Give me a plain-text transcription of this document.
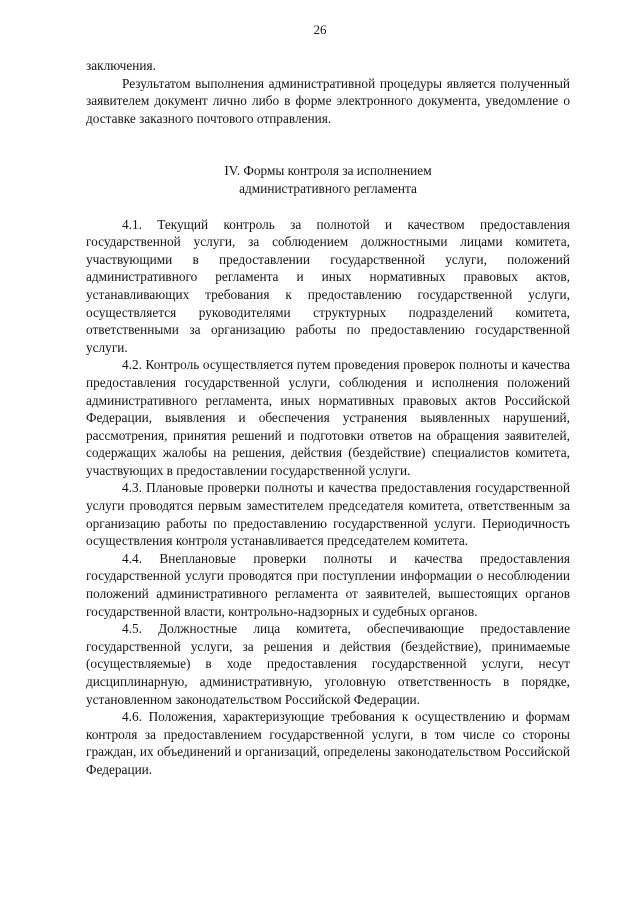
26

заключения.

Результатом выполнения административной процедуры является полученный заявителем документ лично либо в форме электронного документа, уведомление о доставке заказного почтового отправления.

IV. Формы контроля за исполнением
административного регламента

4.1. Текущий контроль за полнотой и качеством предоставления государственной услуги, за соблюдением должностными лицами комитета, участвующими в предоставлении государственной услуги, положений административного регламента и иных нормативных правовых актов, устанавливающих требования к предоставлению государственной услуги, осуществляется руководителями структурных подразделений комитета, ответственными за организацию работы по предоставлению государственной услуги.

4.2. Контроль осуществляется путем проведения проверок полноты и качества предоставления государственной услуги, соблюдения и исполнения положений административного регламента, иных нормативных правовых актов Российской Федерации, выявления и обеспечения устранения выявленных нарушений, рассмотрения, принятия решений и подготовки ответов на обращения заявителей, содержащих жалобы на решения, действия (бездействие) специалистов комитета, участвующих в предоставлении государственной услуги.

4.3. Плановые проверки полноты и качества предоставления государственной услуги проводятся первым заместителем председателя комитета, ответственным за организацию работы по предоставлению государственной услуги. Периодичность осуществления контроля устанавливается председателем комитета.

4.4. Внеплановые проверки полноты и качества предоставления государственной услуги проводятся при поступлении информации о несоблюдении положений административного регламента от заявителей, вышестоящих органов государственной власти, контрольно-надзорных и судебных органов.

4.5. Должностные лица комитета, обеспечивающие предоставление государственной услуги, за решения и действия (бездействие), принимаемые (осуществляемые) в ходе предоставления государственной услуги, несут дисциплинарную, административную, уголовную ответственность в порядке, установленном законодательством Российской Федерации.

4.6. Положения, характеризующие требования к осуществлению и формам контроля за предоставлением государственной услуги, в том числе со стороны граждан, их объединений и организаций, определены законодательством Российской Федерации.
